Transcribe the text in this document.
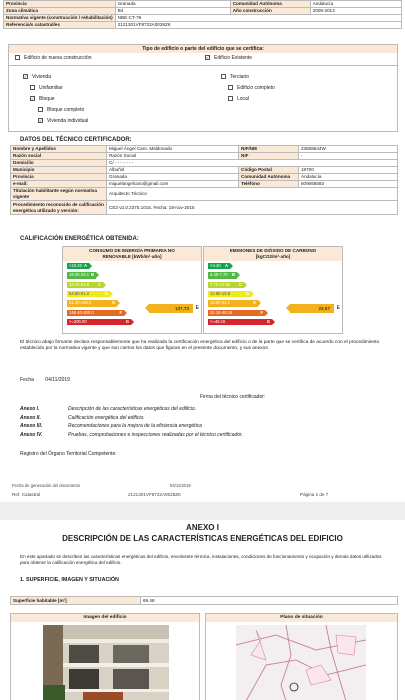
Provincia	Granada	Comunidad Autónoma	Andalucía
Zona climática	B4	Año construcción	2009-2013
Normativa vigente (construcción / rehabilitación)	NBE-CT-79		
Referencia/s catastral/es	2121301VF8722A0028ZK		
Tipo de edificio o parte del edificio que se certifica:
Edificio de nueva construcción	✓ Edificio Existente
✓ Vivienda
Unifamiliar
✓ Bloque
Bloque completo
✓ Vivienda individual
Terciario
Edificio completo
Local
DATOS DEL TÉCNICO CERTIFICADOR:
Nombre y Apellidos	Miguel Ángel Caro. Maldonado	NIF/NIE	23808544W
Razón social	Razón Social	NIF	-
Domicilio	C/ - - - - - - -		
Municipio	Albuñol	Código Postal	18700
Provincia	Granada	Comunidad Autónoma	Andalucía
e-mail:	miguelangelcaro@gmail.com	Teléfono	609068593
Titulación habilitante según normativa vigente	Arquitecto Técnico		
Procedimiento reconocido de calificación energética utilizado y versión:	CE3 v2.0.2375.1015, Fecha: 18-nov-2015		
CALIFICACIÓN ENERGÉTICA OBTENIDA:
CONSUMO DE ENERGÍA PRIMARIA NO
RENOVABLE [kWh/m²·año]
<19.20 A
19.20-33.1 B
33.10-54.6 C
54.60-81.2	D
81.20-146.4	E
146.40-200.0	F
>=200.00	G
137,73 E
EMISIONES DE DIÓXIDO DE CARBONO
[kgCO2/m²·año]
<4.40 A
4.40-7.70 B
7.70-12.80 C
12.80-19.8	D
19.80-32.1	E
32.10-48.16	F
>=48.16	G
23,67 E
El técnico abajo firmante declara responsablemente que ha realizado la certificación energética del edificio o de la parte que se certifica de acuerdo con el procedimiento establecido por la normativa vigente y que son ciertos los datos que figuran en el presente documento, y sus anexos.
Fecha 04/11/2019
Firma del técnico certificador:
Anexo I.	Descripción de las características energéticas del edificio.
Anexo II.	Calificación energética del edificio.
Anexo III.	Recomendaciones para la mejora de la eficiencia energética
Anexo IV.	Pruebas, comprobaciones e inspecciones realizadas por el técnico certificador.
Registro del Órgano Territorial Competente:
Fecha de generación del documento	04/11/2019
Ref. Catastral	2121301VF8722A0028ZK	Página 1 de 7
ANEXO I
DESCRIPCIÓN DE LAS CARACTERÍSTICAS ENERGÉTICAS DEL EDIFICIO
En este apartado se describen las características energéticas del edificio, envolvente térmica, instalaciones, condiciones de funcionamiento y ocupación y demás datos utilizados para obtener la calificación energética del edificio.
1. SUPERFICIE, IMAGEN Y SITUACIÓN
Superficie habitable [m²]	69.48
Imagen del edificio	Plano de situación
